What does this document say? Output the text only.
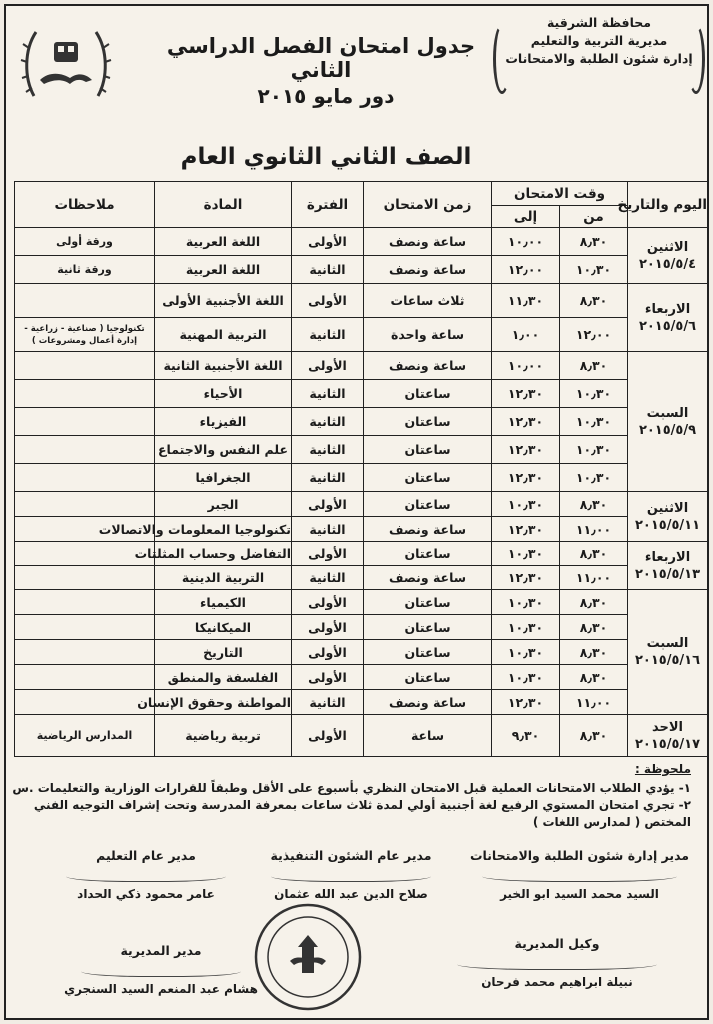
محافظة الشرقية
مديرية التربية والتعليم
إدارة شئون الطلبة والامتحانات
جدول امتحان الفصل الدراسي الثاني
دور مايو ٢٠١٥
الصف الثاني الثانوي العام
اليوم والتاريخ	وقت الامتحان		زمن الامتحان	الفترة	المادة	ملاحظات
	من	إلى				

الاثنين
٢٠١٥/٥/٤	٨٫٣٠	١٠٫٠٠	ساعة ونصف	الأولى	اللغة العربية	ورقة أولى
	١٠٫٣٠	١٢٫٠٠	ساعة ونصف	الثانية	اللغة العربية	ورقة ثانية

الاربعاء
٢٠١٥/٥/٦	٨٫٣٠	١١٫٣٠	ثلاث ساعات	الأولى	اللغة الأجنبية الأولى	
	١٢٫٠٠	١٫٠٠	ساعة واحدة	الثانية	التربية المهنية	تكنولوجيا ( صناعية - زراعية - إدارة أعمال ومشروعات )

السبت
٢٠١٥/٥/٩	٨٫٣٠	١٠٫٠٠	ساعة ونصف	الأولى	اللغة الأجنبية الثانية	
	١٠٫٣٠	١٢٫٣٠	ساعتان	الثانية	الأحياء	
	١٠٫٣٠	١٢٫٣٠	ساعتان	الثانية	الفيزياء	
	١٠٫٣٠	١٢٫٣٠	ساعتان	الثانية	علم النفس والاجتماع	
	١٠٫٣٠	١٢٫٣٠	ساعتان	الثانية	الجغرافيا	

الاثنين
٢٠١٥/٥/١١	٨٫٣٠	١٠٫٣٠	ساعتان	الأولى	الجبر	
	١١٫٠٠	١٢٫٣٠	ساعة ونصف	الثانية	تكنولوجيا المعلومات والاتصالات	

الاربعاء
٢٠١٥/٥/١٣	٨٫٣٠	١٠٫٣٠	ساعتان	الأولى	التفاضل وحساب المثلثات	
	١١٫٠٠	١٢٫٣٠	ساعة ونصف	الثانية	التربية الدينية	

السبت
٢٠١٥/٥/١٦	٨٫٣٠	١٠٫٣٠	ساعتان	الأولى	الكيمياء	
	٨٫٣٠	١٠٫٣٠	ساعتان	الأولى	الميكانيكا	
	٨٫٣٠	١٠٫٣٠	ساعتان	الأولى	التاريخ	
	٨٫٣٠	١٠٫٣٠	ساعتان	الأولى	الفلسفة والمنطق	
	١١٫٠٠	١٢٫٣٠	ساعة ونصف	الثانية	المواطنة وحقوق الإنسان	

الاحد
٢٠١٥/٥/١٧	٨٫٣٠	٩٫٣٠	ساعة	الأولى	تربية رياضية	المدارس الرياضية
ملحوظة :
١- يؤدي الطلاب الامتحانات العملية قبل الامتحان النظري بأسبوع على الأقل وطبقاً للقرارات الوزارية والتعليمات .س
٢- تجري امتحان المستوي الرفيع لغة أجنبية أولي لمدة ثلاث ساعات بمعرفة المدرسة وتحت إشراف التوجيه الفني
المختص ( لمدارس اللغات )
مدير إدارة شئون الطلبة والامتحانات
السيد محمد السيد ابو الخير
مدير عام الشئون التنفيذية
صلاح الدين عبد الله عثمان
مدير عام التعليم
عامر محمود ذكي الحداد
وكيل المديرية
نبيلة ابراهيم محمد فرحان
مدير المديرية
هشام عبد المنعم السيد السنجري
